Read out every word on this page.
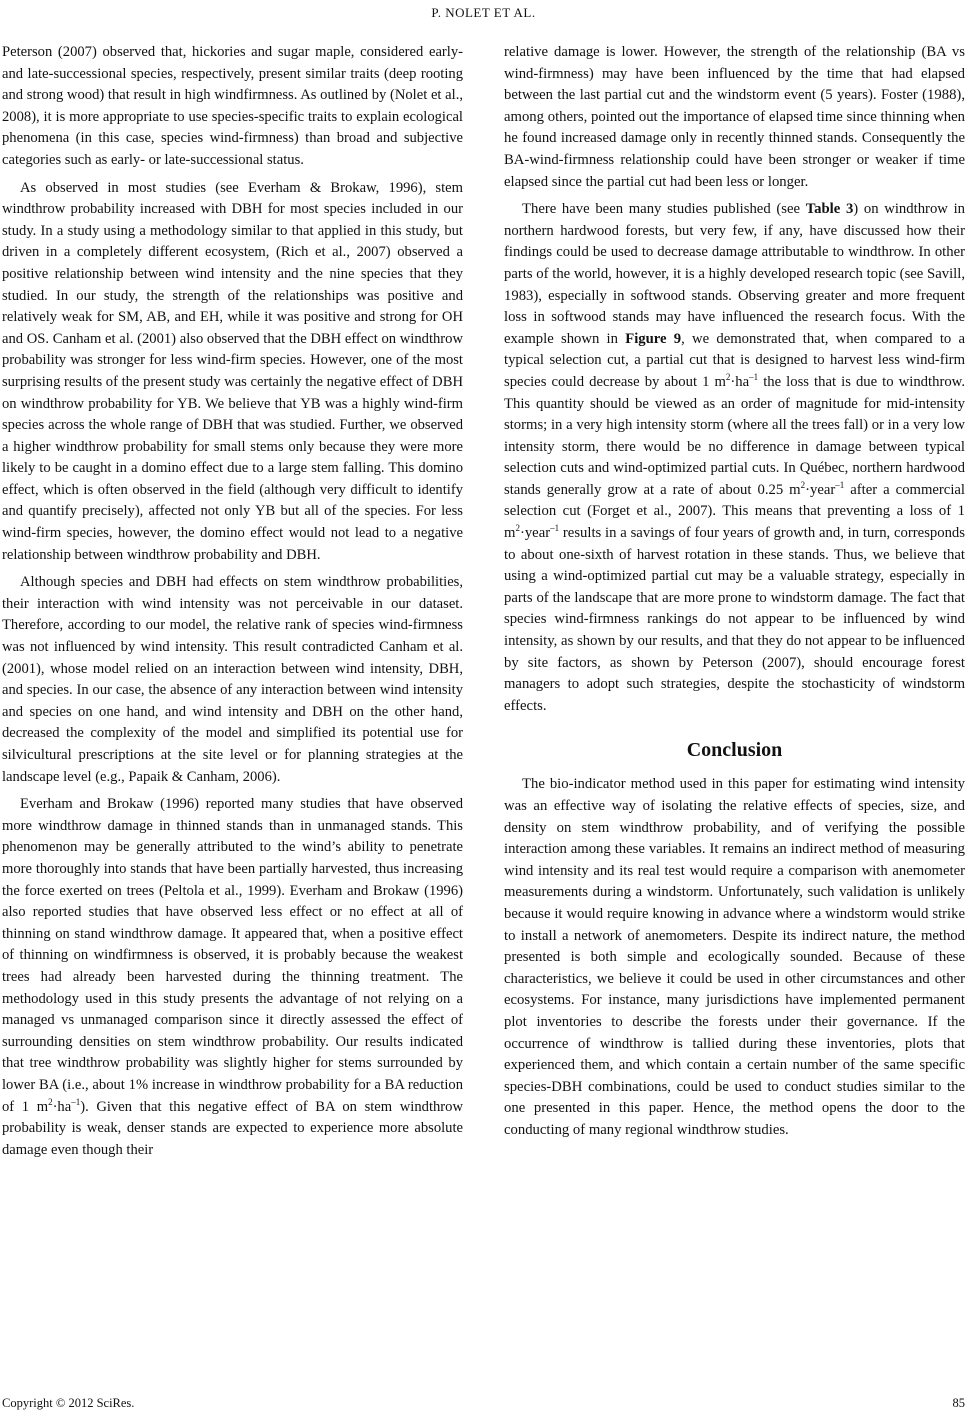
P. NOLET ET AL.

Peterson (2007) observed that, hickories and sugar maple, considered early- and late-successional species, respectively, present similar traits (deep rooting and strong wood) that result in high windfirmness. As outlined by (Nolet et al., 2008), it is more appropriate to use species-specific traits to explain ecological phenomena (in this case, species wind-firmness) than broad and subjective categories such as early- or late-successional status.

As observed in most studies (see Everham & Brokaw, 1996), stem windthrow probability increased with DBH for most species included in our study. In a study using a methodology similar to that applied in this study, but driven in a completely different ecosystem, (Rich et al., 2007) observed a positive relationship between wind intensity and the nine species that they studied. In our study, the strength of the relationships was positive and relatively weak for SM, AB, and EH, while it was positive and strong for OH and OS. Canham et al. (2001) also observed that the DBH effect on windthrow probability was stronger for less wind-firm species. However, one of the most surprising results of the present study was certainly the negative effect of DBH on windthrow probability for YB. We believe that YB was a highly wind-firm species across the whole range of DBH that was studied. Further, we observed a higher windthrow probability for small stems only because they were more likely to be caught in a domino effect due to a large stem falling. This domino effect, which is often observed in the field (although very difficult to identify and quantify precisely), affected not only YB but all of the species. For less wind-firm species, however, the domino effect would not lead to a negative relationship between windthrow probability and DBH.

Although species and DBH had effects on stem windthrow probabilities, their interaction with wind intensity was not perceivable in our dataset. Therefore, according to our model, the relative rank of species wind-firmness was not influenced by wind intensity. This result contradicted Canham et al. (2001), whose model relied on an interaction between wind intensity, DBH, and species. In our case, the absence of any interaction between wind intensity and species on one hand, and wind intensity and DBH on the other hand, decreased the complexity of the model and simplified its potential use for silvicultural prescriptions at the site level or for planning strategies at the landscape level (e.g., Papaik & Canham, 2006).

Everham and Brokaw (1996) reported many studies that have observed more windthrow damage in thinned stands than in unmanaged stands. This phenomenon may be generally attributed to the wind’s ability to penetrate more thoroughly into stands that have been partially harvested, thus increasing the force exerted on trees (Peltola et al., 1999). Everham and Brokaw (1996) also reported studies that have observed less effect or no effect at all of thinning on stand windthrow damage. It appeared that, when a positive effect of thinning on windfirmness is observed, it is probably because the weakest trees had already been harvested during the thinning treatment. The methodology used in this study presents the advantage of not relying on a managed vs unmanaged comparison since it directly assessed the effect of surrounding densities on stem windthrow probability. Our results indicated that tree windthrow probability was slightly higher for stems surrounded by lower BA (i.e., about 1% increase in windthrow probability for a BA reduction of 1 $m^2\cdot ha^{-1}$). Given that this negative effect of BA on stem windthrow probability is weak, denser stands are expected to experience more absolute damage even though their

relative damage is lower. However, the strength of the relationship (BA vs wind-firmness) may have been influenced by the time that had elapsed between the last partial cut and the windstorm event (5 years). Foster (1988), among others, pointed out the importance of elapsed time since thinning when he found increased damage only in recently thinned stands. Consequently the BA-wind-firmness relationship could have been stronger or weaker if time elapsed since the partial cut had been less or longer.

There have been many studies published (see Table 3) on windthrow in northern hardwood forests, but very few, if any, have discussed how their findings could be used to decrease damage attributable to windthrow. In other parts of the world, however, it is a highly developed research topic (see Savill, 1983), especially in softwood stands. Observing greater and more frequent loss in softwood stands may have influenced the research focus. With the example shown in Figure 9, we demonstrated that, when compared to a typical selection cut, a partial cut that is designed to harvest less wind-firm species could decrease by about 1 $m^2\cdot ha^{-1}$ the loss that is due to windthrow. This quantity should be viewed as an order of magnitude for mid-intensity storms; in a very high intensity storm (where all the trees fall) or in a very low intensity storm, there would be no difference in damage between typical selection cuts and wind-optimized partial cuts. In Québec, northern hardwood stands generally grow at a rate of about 0.25 $m^2\cdot year^{-1}$ after a commercial selection cut (Forget et al., 2007). This means that preventing a loss of 1 $m^2\cdot year^{-1}$ results in a savings of four years of growth and, in turn, corresponds to about one-sixth of harvest rotation in these stands. Thus, we believe that using a wind-optimized partial cut may be a valuable strategy, especially in parts of the landscape that are more prone to windstorm damage. The fact that species wind-firmness rankings do not appear to be influenced by wind intensity, as shown by our results, and that they do not appear to be influenced by site factors, as shown by Peterson (2007), should encourage forest managers to adopt such strategies, despite the stochasticity of windstorm effects.

Conclusion

The bio-indicator method used in this paper for estimating wind intensity was an effective way of isolating the relative effects of species, size, and density on stem windthrow probability, and of verifying the possible interaction among these variables. It remains an indirect method of measuring wind intensity and its real test would require a comparison with anemometer measurements during a windstorm. Unfortunately, such validation is unlikely because it would require knowing in advance where a windstorm would strike to install a network of anemometers. Despite its indirect nature, the method presented is both simple and ecologically sounded. Because of these characteristics, we believe it could be used in other circumstances and other ecosystems. For instance, many jurisdictions have implemented permanent plot inventories to describe the forests under their governance. If the occurrence of windthrow is tallied during these inventories, plots that experienced them, and which contain a certain number of the same specific species-DBH combinations, could be used to conduct studies similar to the one presented in this paper. Hence, the method opens the door to the conducting of many regional windthrow studies.

Copyright © 2012 SciRes.	85
